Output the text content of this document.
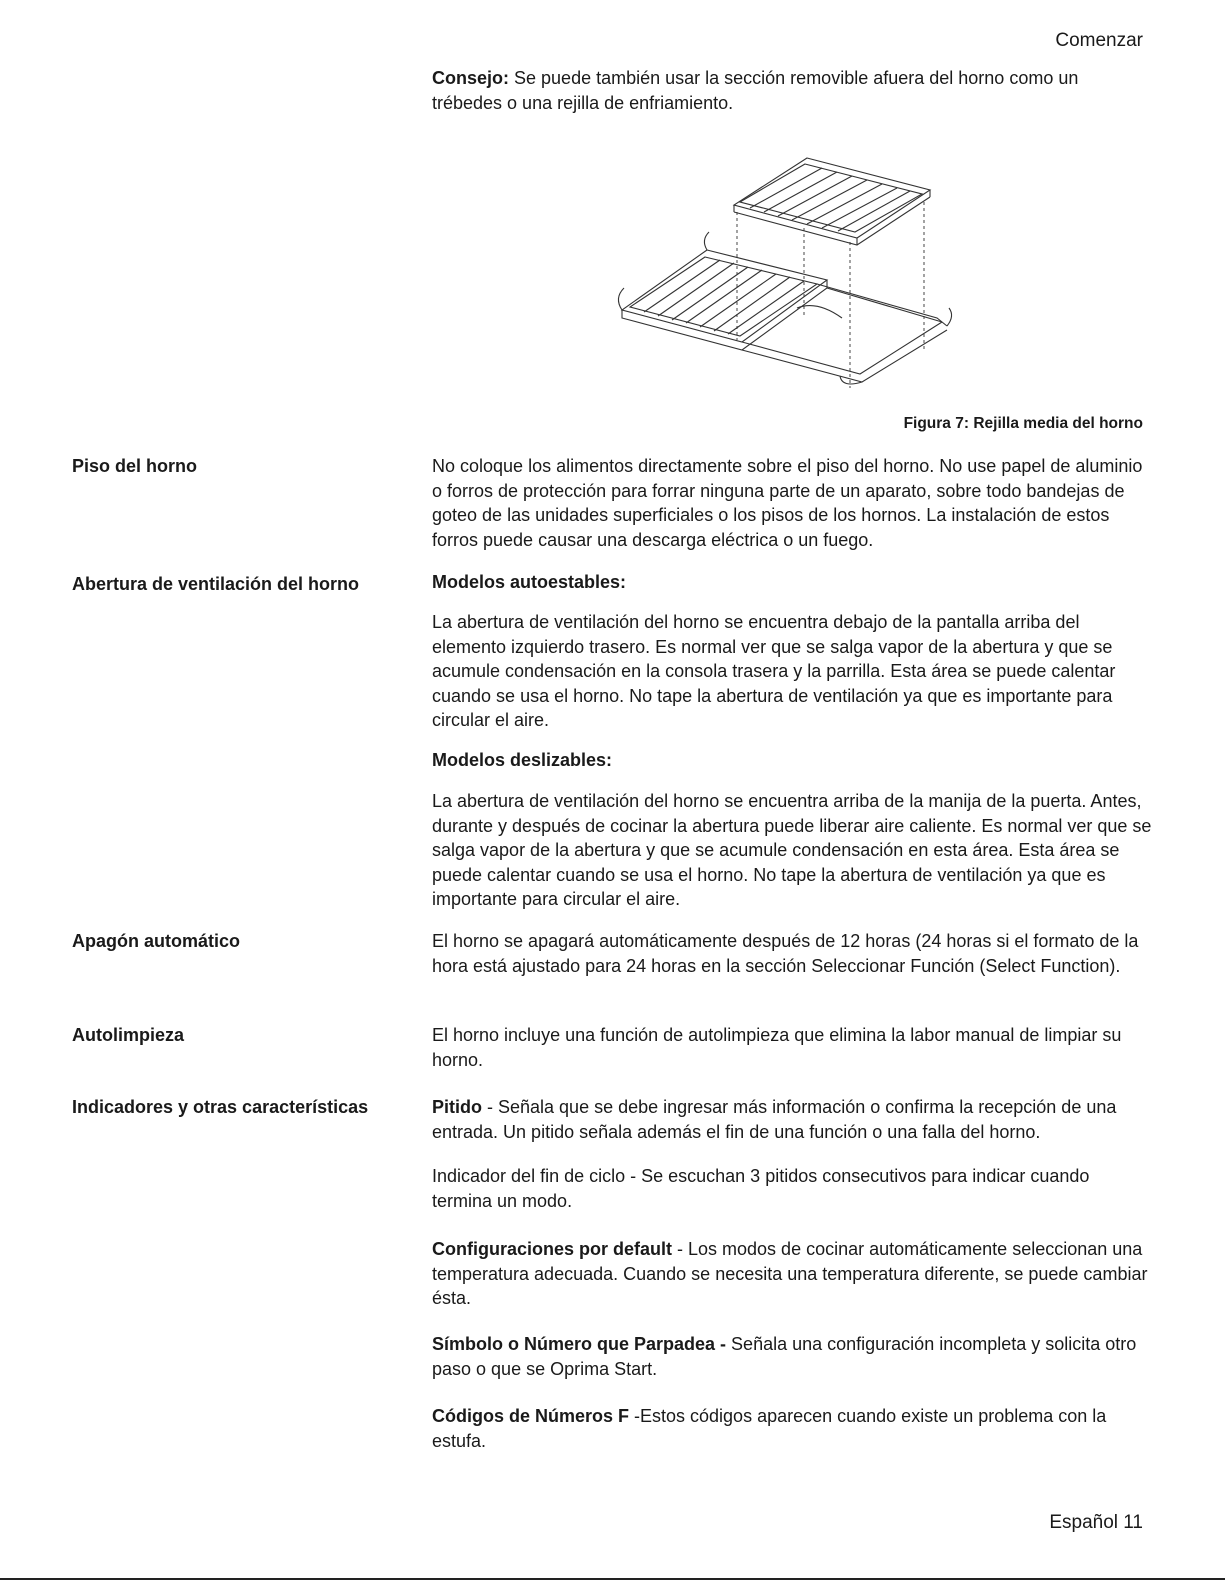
Comenzar

Consejo: Se puede también usar la sección removible afuera del horno como un trébedes o una rejilla de enfriamiento.

Figura 7: Rejilla media del horno
Piso del horno	No coloque los alimentos directamente sobre el piso del horno. No use papel de aluminio o forros de protección para forrar ninguna parte de un aparato, sobre todo bandejas de goteo de las unidades superficiales o los pisos de los hornos. La instalación de estos forros puede causar una descarga eléctrica o un fuego.

Abertura de ventilación del horno	Modelos autoestables:

La abertura de ventilación del horno se encuentra debajo de la pantalla arriba del elemento izquierdo trasero. Es normal ver que se salga vapor de la abertura y que se acumule condensación en la consola trasera y la parrilla. Esta área se puede calentar cuando se usa el horno. No tape la abertura de ventilación ya que es importante para circular el aire.

Modelos deslizables:

La abertura de ventilación del horno se encuentra arriba de la manija de la puerta. Antes, durante y después de cocinar la abertura puede liberar aire caliente. Es normal ver que se salga vapor de la abertura y que se acumule condensación en esta área. Esta área se puede calentar cuando se usa el horno. No tape la abertura de ventilación ya que es importante para circular el aire.

Apagón automático	El horno se apagará automáticamente después de 12 horas (24 horas si el formato de la hora está ajustado para 24 horas en la sección Seleccionar Función (Select Function).

Autolimpieza	El horno incluye una función de autolimpieza que elimina la labor manual de limpiar su horno.

Indicadores y otras características	Pitido - Señala que se debe ingresar más información o confirma la recepción de una entrada. Un pitido señala además el fin de una función o una falla del horno.

Indicador del fin de ciclo - Se escuchan 3 pitidos consecutivos para indicar cuando termina un modo.

Configuraciones por default - Los modos de cocinar automáticamente seleccionan una temperatura adecuada. Cuando se necesita una temperatura diferente, se puede cambiar ésta.

Símbolo o Número que Parpadea - Señala una configuración incompleta y solicita otro paso o que se Oprima Start.

Códigos de Números F -Estos códigos aparecen cuando existe un problema con la estufa.

Español 11
